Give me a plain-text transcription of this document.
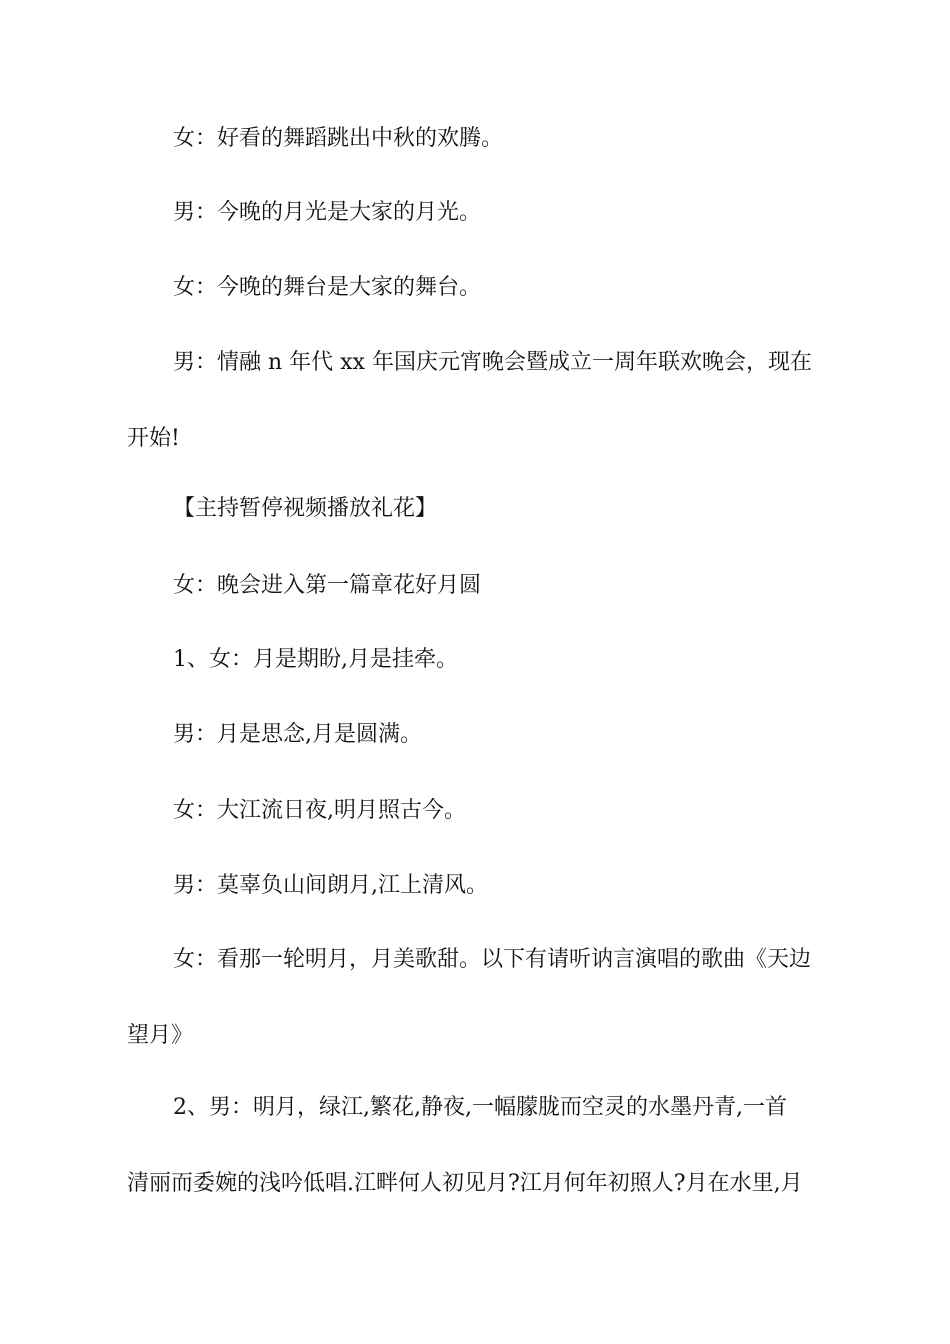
女：好看的舞蹈跳出中秋的欢腾。

男：今晚的月光是大家的月光。

女：今晚的舞台是大家的舞台。

男：情融 n 年代 xx 年国庆元宵晚会暨成立一周年联欢晚会，现在
开始!

【主持暂停视频播放礼花】

女：晚会进入第一篇章花好月圆

1、女：月是期盼,月是挂牵。

男：月是思念,月是圆满。

女：大江流日夜,明月照古今。

男：莫辜负山间朗月,江上清风。

女：看那一轮明月，月美歌甜。以下有请听讷言演唱的歌曲《天边
望月》

2、男：明月，绿江,繁花,静夜,一幅朦胧而空灵的水墨丹青,一首
清丽而委婉的浅吟低唱.江畔何人初见月?江月何年初照人?月在水里,月
